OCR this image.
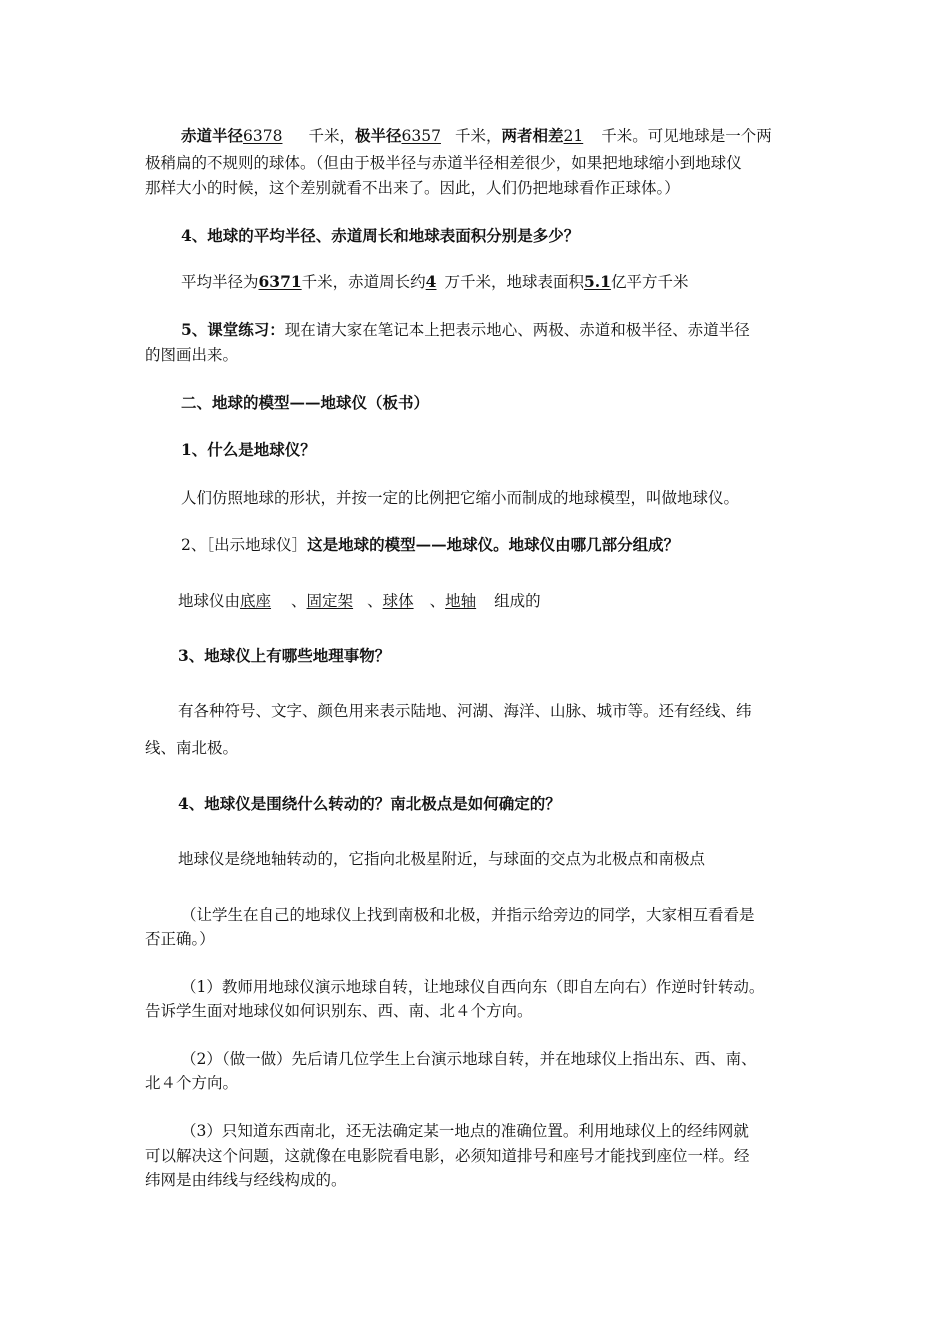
赤道半径6378 千米，极半径6357 千米，两者相差21 千米。可见地球是一个两
极稍扁的不规则的球体。（但由于极半径与赤道半径相差很少，如果把地球缩小到地球仪
那样大小的时候，这个差别就看不出来了。因此，人们仍把地球看作正球体。）
4、地球的平均半径、赤道周长和地球表面积分别是多少？
平均半径为6371千米，赤道周长约4 万千米，地球表面积5.1亿平方千米
5、课堂练习：现在请大家在笔记本上把表示地心、两极、赤道和极半径、赤道半径
的图画出来。
二、地球的模型——地球仪（板书）
1、什么是地球仪？
人们仿照地球的形状，并按一定的比例把它缩小而制成的地球模型，叫做地球仪。
2、［出示地球仪］这是地球的模型——地球仪。地球仪由哪几部分组成？
地球仪由底座 、固定架 、球体 、地轴 组成的
3、地球仪上有哪些地理事物？
有各种符号、文字、颜色用来表示陆地、河湖、海洋、山脉、城市等。还有经线、纬
线、南北极。
4、地球仪是围绕什么转动的？南北极点是如何确定的？
地球仪是绕地轴转动的，它指向北极星附近，与球面的交点为北极点和南极点
（让学生在自己的地球仪上找到南极和北极，并指示给旁边的同学，大家相互看看是
否正确。）
（1）教师用地球仪演示地球自转，让地球仪自西向东（即自左向右）作逆时针转动。
告诉学生面对地球仪如何识别东、西、南、北４个方向。
（2）（做一做）先后请几位学生上台演示地球自转，并在地球仪上指出东、西、南、
北４个方向。
（3）只知道东西南北，还无法确定某一地点的准确位置。利用地球仪上的经纬网就
可以解决这个问题，这就像在电影院看电影，必须知道排号和座号才能找到座位一样。经
纬网是由纬线与经线构成的。
